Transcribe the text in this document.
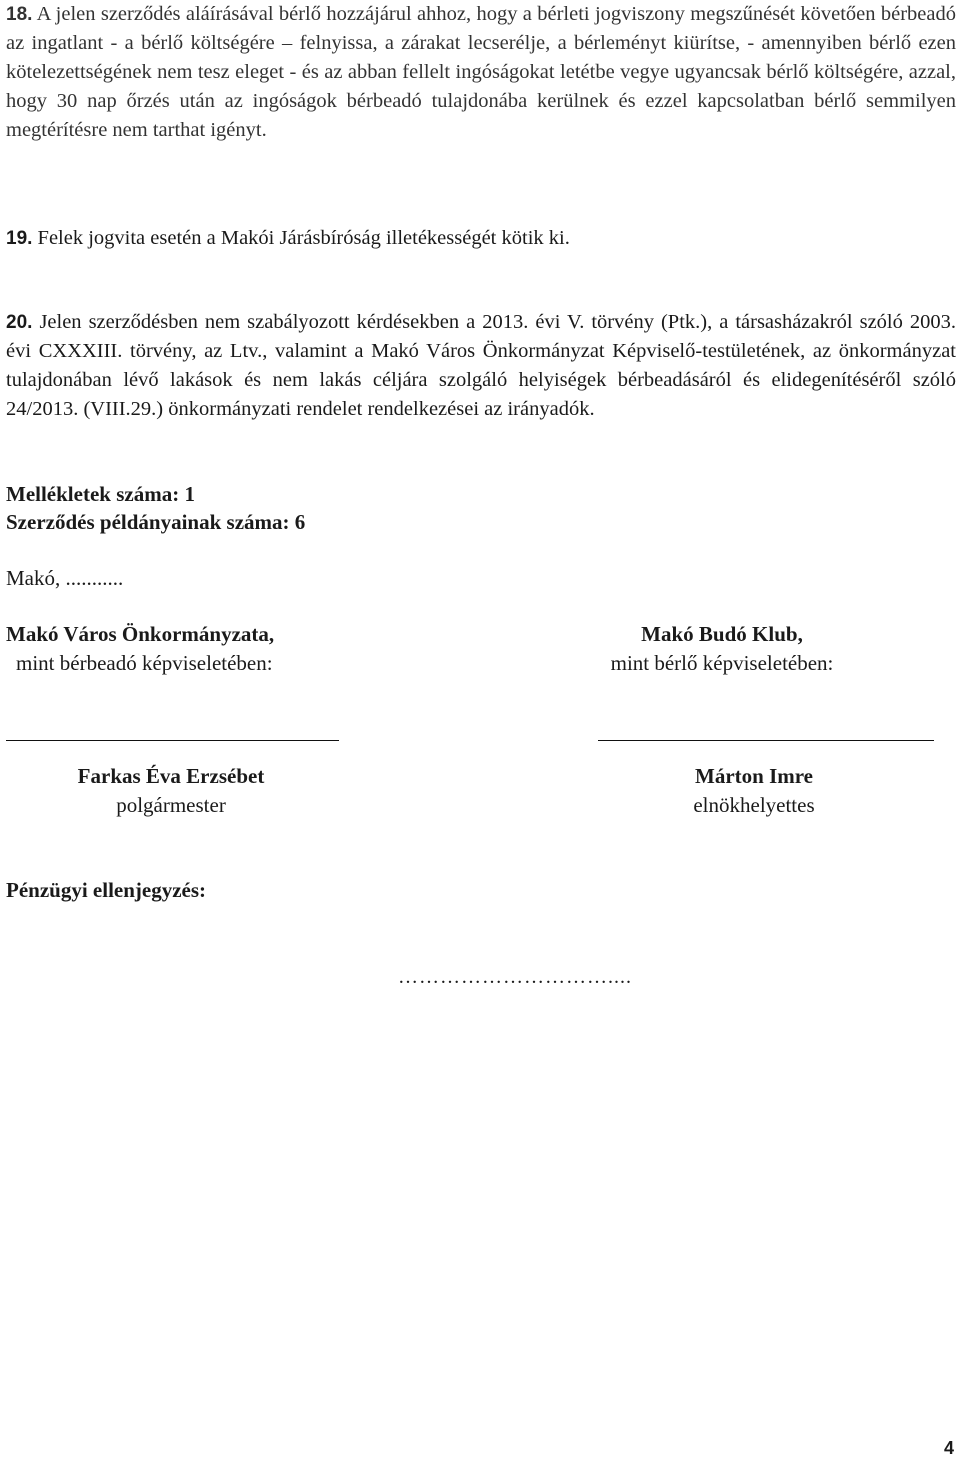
18. A jelen szerződés aláírásával bérlő hozzájárul ahhoz, hogy a bérleti jogviszony megszűnését követően bérbeadó az ingatlant - a bérlő költségére – felnyissa, a zárakat lecserélje, a bérleményt kiürítse, - amennyiben bérlő ezen kötelezettségének nem tesz eleget - és az abban fellelt ingóságokat letétbe vegye ugyancsak bérlő költségére, azzal, hogy 30 nap őrzés után az ingóságok bérbeadó tulajdonába kerülnek és ezzel kapcsolatban bérlő semmilyen megtérítésre nem tarthat igényt.
19. Felek jogvita esetén a Makói Járásbíróság illetékességét kötik ki.
20. Jelen szerződésben nem szabályozott kérdésekben a 2013. évi V. törvény (Ptk.), a társasházakról szóló 2003. évi CXXXIII. törvény, az Ltv., valamint a Makó Város Önkormányzat Képviselő-testületének, az önkormányzat tulajdonában lévő lakások és nem lakás céljára szolgáló helyiségek bérbeadásáról és elidegenítéséről szóló 24/2013. (VIII.29.) önkormányzati rendelet rendelkezései az irányadók.
Mellékletek száma: 1
Szerződés példányainak száma: 6
Makó, ...........
Makó Város Önkormányzata,
mint bérbeadó képviseletében:
Makó Budó Klub,
mint bérlő képviseletében:
Farkas Éva Erzsébet
polgármester
Márton Imre
elnökhelyettes
Pénzügyi ellenjegyzés:
…………………………....
4
